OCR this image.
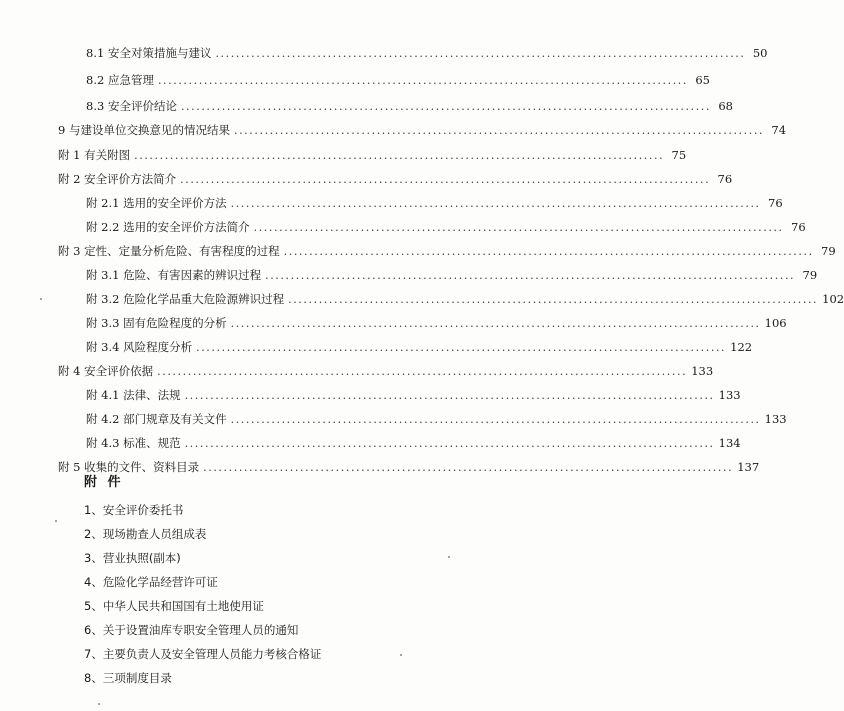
8.1 安全对策措施与建议 ........................................................................................................ 50
8.2 应急管理 ........................................................................................................ 65
8.3 安全评价结论 ........................................................................................................ 68
9 与建设单位交换意见的情况结果 ........................................................................................................ 74
附 1 有关附图 ........................................................................................................ 75
附 2 安全评价方法简介 ........................................................................................................ 76
附 2.1 选用的安全评价方法 ........................................................................................................ 76
附 2.2 选用的安全评价方法简介 ........................................................................................................ 76
附 3 定性、定量分析危险、有害程度的过程 ........................................................................................................ 79
附 3.1 危险、有害因素的辨识过程 ........................................................................................................ 79
附 3.2 危险化学品重大危险源辨识过程 ........................................................................................................ 102
附 3.3 固有危险程度的分析 ........................................................................................................ 106
附 3.4 风险程度分析 ........................................................................................................ 122
附 4 安全评价依据 ........................................................................................................ 133
附 4.1 法律、法规 ........................................................................................................ 133
附 4.2 部门规章及有关文件 ........................................................................................................ 133
附 4.3 标准、规范 ........................................................................................................ 134
附 5 收集的文件、资料目录 ........................................................................................................ 137
附 件
1、安全评价委托书
2、现场勘查人员组成表
3、营业执照(副本)
4、危险化学品经营许可证
5、中华人民共和国国有土地使用证
6、关于设置油库专职安全管理人员的通知
7、主要负责人及安全管理人员能力考核合格证
8、三项制度目录
